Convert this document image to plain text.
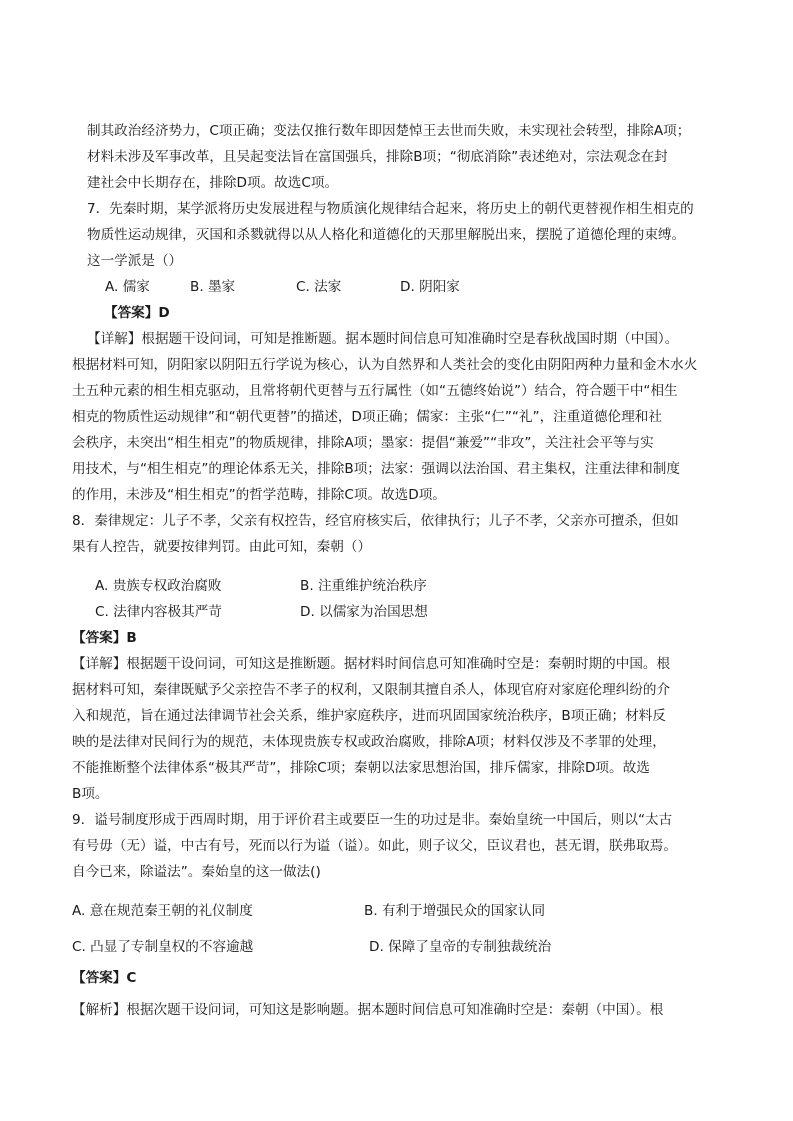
制其政治经济势力，C项正确；变法仅推行数年即因楚悼王去世而失败，未实现社会转型，排除A项；
材料未涉及军事改革，且吴起变法旨在富国强兵，排除B项；“彻底消除”表述绝对，宗法观念在封
建社会中长期存在，排除D项。故选C项。
7．先秦时期，某学派将历史发展进程与物质演化规律结合起来，将历史上的朝代更替视作相生相克的
物质性运动规律，灭国和杀戮就得以从人格化和道德化的天那里解脱出来，摆脱了道德伦理的束缚。
这一学派是（）
A. 儒家	B. 墨家	C. 法家	D. 阴阳家
【答案】D
【详解】根据题干设问词，可知是推断题。据本题时间信息可知准确时空是春秋战国时期（中国）。
根据材料可知，阴阳家以阴阳五行学说为核心，认为自然界和人类社会的变化由阴阳两种力量和金木水火
土五种元素的相生相克驱动，且常将朝代更替与五行属性（如“五德终始说”）结合，符合题干中“相生
相克的物质性运动规律”和“朝代更替”的描述，D项正确；儒家：主张“仁”“礼”，注重道德伦理和社
会秩序，未突出“相生相克”的物质规律，排除A项；墨家：提倡“兼爱”“非攻”，关注社会平等与实
用技术，与“相生相克”的理论体系无关，排除B项；法家：强调以法治国、君主集权，注重法律和制度
的作用，未涉及“相生相克”的哲学范畴，排除C项。故选D项。
8．秦律规定：儿子不孝，父亲有权控告，经官府核实后，依律执行；儿子不孝，父亲亦可擅杀，但如
果有人控告，就要按律判罚。由此可知，秦朝（）
A. 贵族专权政治腐败	B. 注重维护统治秩序
C. 法律内容极其严苛	D. 以儒家为治国思想
【答案】B
【详解】根据题干设问词，可知这是推断题。据材料时间信息可知准确时空是：秦朝时期的中国。根
据材料可知，秦律既赋予父亲控告不孝子的权利，又限制其擅自杀人，体现官府对家庭伦理纠纷的介
入和规范，旨在通过法律调节社会关系，维护家庭秩序，进而巩固国家统治秩序，B项正确；材料反
映的是法律对民间行为的规范，未体现贵族专权或政治腐败，排除A项；材料仅涉及不孝罪的处理，
不能推断整个法律体系“极其严苛”，排除C项；秦朝以法家思想治国，排斥儒家，排除D项。故选
B项。
9．谥号制度形成于西周时期，用于评价君主或要臣一生的功过是非。秦始皇统一中国后，则以“太古
有号毋（无）谥，中古有号，死而以行为谥（谥）。如此，则子议父，臣议君也，甚无谓，朕弗取焉。
自今已来，除谥法”。秦始皇的这一做法()
A. 意在规范秦王朝的礼仪制度	B. 有利于增强民众的国家认同
C. 凸显了专制皇权的不容逾越	D. 保障了皇帝的专制独裁统治
【答案】C
【解析】根据次题干设问词，可知这是影响题。据本题时间信息可知准确时空是：秦朝（中国）。根
